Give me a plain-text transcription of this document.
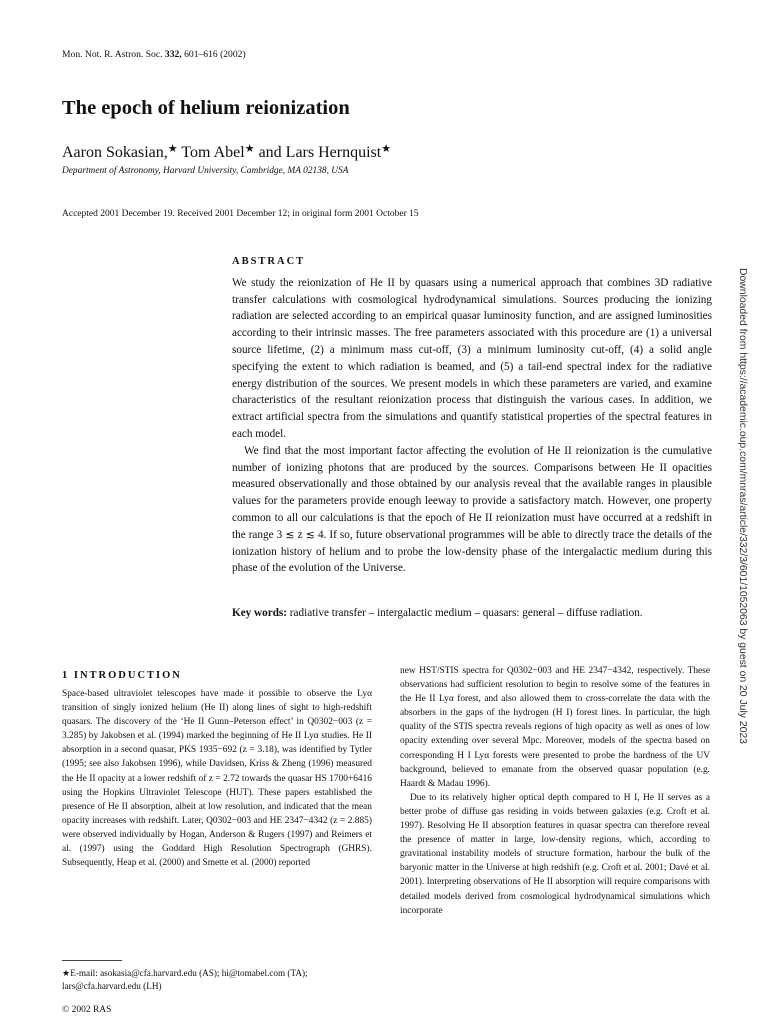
Mon. Not. R. Astron. Soc. 332, 601–616 (2002)
The epoch of helium reionization
Aaron Sokasian,★ Tom Abel★ and Lars Hernquist★
Department of Astronomy, Harvard University, Cambridge, MA 02138, USA
Accepted 2001 December 19. Received 2001 December 12; in original form 2001 October 15
ABSTRACT

We study the reionization of He II by quasars using a numerical approach that combines 3D radiative transfer calculations with cosmological hydrodynamical simulations. Sources producing the ionizing radiation are selected according to an empirical quasar luminosity function, and are assigned luminosities according to their intrinsic masses. The free parameters associated with this procedure are (1) a universal source lifetime, (2) a minimum mass cut-off, (3) a minimum luminosity cut-off, (4) a solid angle specifying the extent to which radiation is beamed, and (5) a tail-end spectral index for the radiative energy distribution of the sources. We present models in which these parameters are varied, and examine characteristics of the resultant reionization process that distinguish the various cases. In addition, we extract artificial spectra from the simulations and quantify statistical properties of the spectral features in each model.

We find that the most important factor affecting the evolution of He II reionization is the cumulative number of ionizing photons that are produced by the sources. Comparisons between He II opacities measured observationally and those obtained by our analysis reveal that the available ranges in plausible values for the parameters provide enough leeway to provide a satisfactory match. However, one property common to all our calculations is that the epoch of He II reionization must have occurred at a redshift in the range 3 ≲ z ≲ 4. If so, future observational programmes will be able to directly trace the details of the ionization history of helium and to probe the low-density phase of the intergalactic medium during this phase of the evolution of the Universe.

Key words: radiative transfer – intergalactic medium – quasars: general – diffuse radiation.
1 INTRODUCTION

Space-based ultraviolet telescopes have made it possible to observe the Lyα transition of singly ionized helium (He II) along lines of sight to high-redshift quasars. The discovery of the ‘He II Gunn–Peterson effect’ in Q0302−003 (z = 3.285) by Jakobsen et al. (1994) marked the beginning of He II Lyα studies. He II absorption in a second quasar, PKS 1935−692 (z = 3.18), was identified by Tytler (1995; see also Jakobsen 1996), while Davidsen, Kriss & Zheng (1996) measured the He II opacity at a lower redshift of z = 2.72 towards the quasar HS 1700+6416 using the Hopkins Ultraviolet Telescope (HUT). These papers established the presence of He II absorption, albeit at low resolution, and indicated that the mean opacity increases with redshift. Later, Q0302−003 and HE 2347−4342 (z = 2.885) were observed individually by Hogan, Anderson & Rugers (1997) and Reimers et al. (1997) using the Goddard High Resolution Spectrograph (GHRS). Subsequently, Heap et al. (2000) and Smette et al. (2000) reported

new HST/STIS spectra for Q0302−003 and HE 2347−4342, respectively. These observations had sufficient resolution to begin to resolve some of the features in the He II Lyα forest, and also allowed them to cross-correlate the data with the absorbers in the gaps of the hydrogen (H I) forest lines. In particular, the high quality of the STIS spectra reveals regions of high opacity as well as ones of low opacity extending over several Mpc. Moreover, models of the spectra based on corresponding H I Lyα forests were presented to probe the hardness of the UV background, believed to emanate from the observed quasar population (e.g. Haardt & Madau 1996).

Due to its relatively higher optical depth compared to H I, He II serves as a better probe of diffuse gas residing in voids between galaxies (e.g. Croft et al. 1997). Resolving He II absorption features in quasar spectra can therefore reveal the presence of matter in large, low-density regions, which, according to gravitational instability models of structure formation, harbour the bulk of the baryonic matter in the Universe at high redshift (e.g. Croft et al. 2001; Davé et al. 2001). Interpreting observations of He II absorption will require comparisons with detailed models derived from cosmological hydrodynamical simulations which incorporate

★E-mail: asokasia@cfa.harvard.edu (AS); hi@tomabel.com (TA); lars@cfa.harvard.edu (LH)
© 2002 RAS
Downloaded from https://academic.oup.com/mnras/article/332/3/601/1052063 by guest on 20 July 2023
